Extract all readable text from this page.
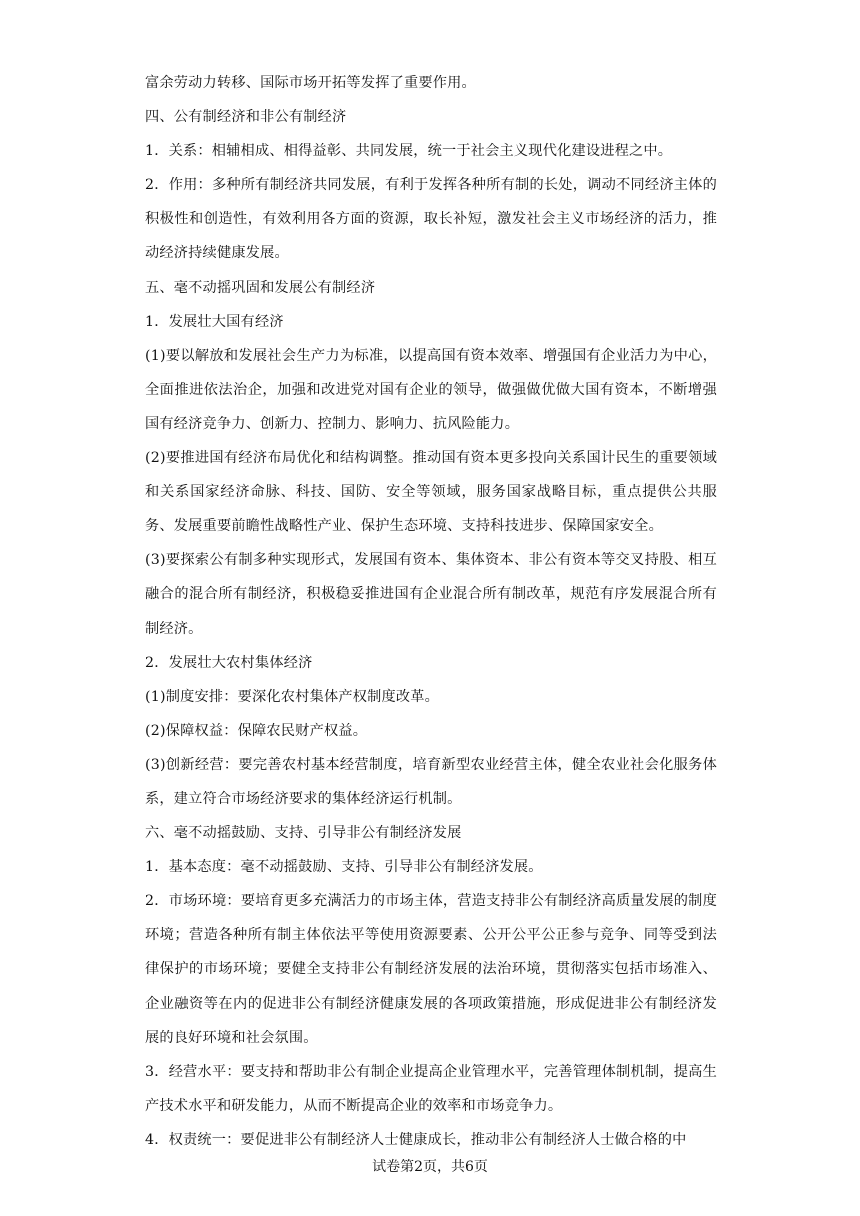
富余劳动力转移、国际市场开拓等发挥了重要作用。

四、公有制经济和非公有制经济

1．关系：相辅相成、相得益彰、共同发展，统一于社会主义现代化建设进程之中。

2．作用：多种所有制经济共同发展，有利于发挥各种所有制的长处，调动不同经济主体的积极性和创造性，有效利用各方面的资源，取长补短，激发社会主义市场经济的活力，推动经济持续健康发展。

五、毫不动摇巩固和发展公有制经济

1．发展壮大国有经济

(1)要以解放和发展社会生产力为标准，以提高国有资本效率、增强国有企业活力为中心，全面推进依法治企，加强和改进党对国有企业的领导，做强做优做大国有资本，不断增强国有经济竞争力、创新力、控制力、影响力、抗风险能力。

(2)要推进国有经济布局优化和结构调整。推动国有资本更多投向关系国计民生的重要领域和关系国家经济命脉、科技、国防、安全等领域，服务国家战略目标，重点提供公共服务、发展重要前瞻性战略性产业、保护生态环境、支持科技进步、保障国家安全。

(3)要探索公有制多种实现形式，发展国有资本、集体资本、非公有资本等交叉持股、相互融合的混合所有制经济，积极稳妥推进国有企业混合所有制改革，规范有序发展混合所有制经济。

2．发展壮大农村集体经济

(1)制度安排：要深化农村集体产权制度改革。

(2)保障权益：保障农民财产权益。

(3)创新经营：要完善农村基本经营制度，培育新型农业经营主体，健全农业社会化服务体系，建立符合市场经济要求的集体经济运行机制。

六、毫不动摇鼓励、支持、引导非公有制经济发展

1．基本态度：毫不动摇鼓励、支持、引导非公有制经济发展。

2．市场环境：要培育更多充满活力的市场主体，营造支持非公有制经济高质量发展的制度环境；营造各种所有制主体依法平等使用资源要素、公开公平公正参与竞争、同等受到法律保护的市场环境；要健全支持非公有制经济发展的法治环境，贯彻落实包括市场准入、企业融资等在内的促进非公有制经济健康发展的各项政策措施，形成促进非公有制经济发展的良好环境和社会氛围。

3．经营水平：要支持和帮助非公有制企业提高企业管理水平，完善管理体制机制，提高生产技术水平和研发能力，从而不断提高企业的效率和市场竞争力。

4．权责统一：要促进非公有制经济人士健康成长，推动非公有制经济人士做合格的中

试卷第2页，共6页
